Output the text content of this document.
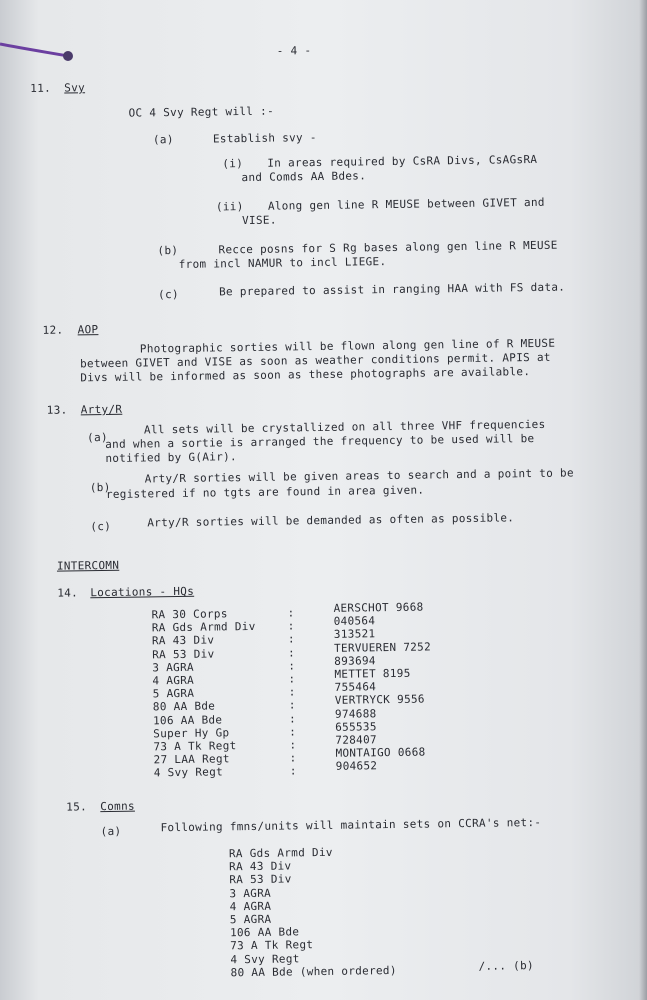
- 4 -
11. Svy
OC 4 Svy Regt will :-
(a)	Establish svy -
(i) In areas required by CsRA Divs, CsAGsRA
and Comds AA Bdes.
(ii) Along gen line R MEUSE between GIVET and
VISE.
(b)	Recce posns for S Rg bases along gen line R MEUSE
from incl NAMUR to incl LIEGE.
(c)	Be prepared to assist in ranging HAA with FS data.
12. AOP
Photographic sorties will be flown along gen line of R MEUSE
between GIVET and VISE as soon as weather conditions permit. APIS at
Divs will be informed as soon as these photographs are available.
13. Arty/R
(a)
All sets will be crystallized on all three VHF frequencies
and when a sortie is arranged the frequency to be used will be
notified by G(Air).
(b)
Arty/R sorties will be given areas to search and a point to be
registered if no tgts are found in area given.
(c)	Arty/R sorties will be demanded as often as possible.
INTERCOMN
14. Locations - HQs
15. Comns
(a)	Following fmns/units will maintain sets on CCRA's net:-
/... (b)
RA 30 Corps	:	AERSCHOT 9668
RA Gds Armd Div	:	040564
RA 43 Div	:	313521
RA 53 Div	:	TERVUEREN 7252
3 AGRA	:	893694
4 AGRA	:	METTET 8195
5 AGRA	:	755464
80 AA Bde	:	VERTRYCK 9556
106 AA Bde	:	974688
Super Hy Gp	:	655535
73 A Tk Regt	:	728407
27 LAA Regt	:	MONTAIGO 0668
4 Svy Regt	:	904652
RA Gds Armd Div
RA 43 Div
RA 53 Div
3 AGRA
4 AGRA
5 AGRA
106 AA Bde
73 A Tk Regt
4 Svy Regt
80 AA Bde (when ordered)
